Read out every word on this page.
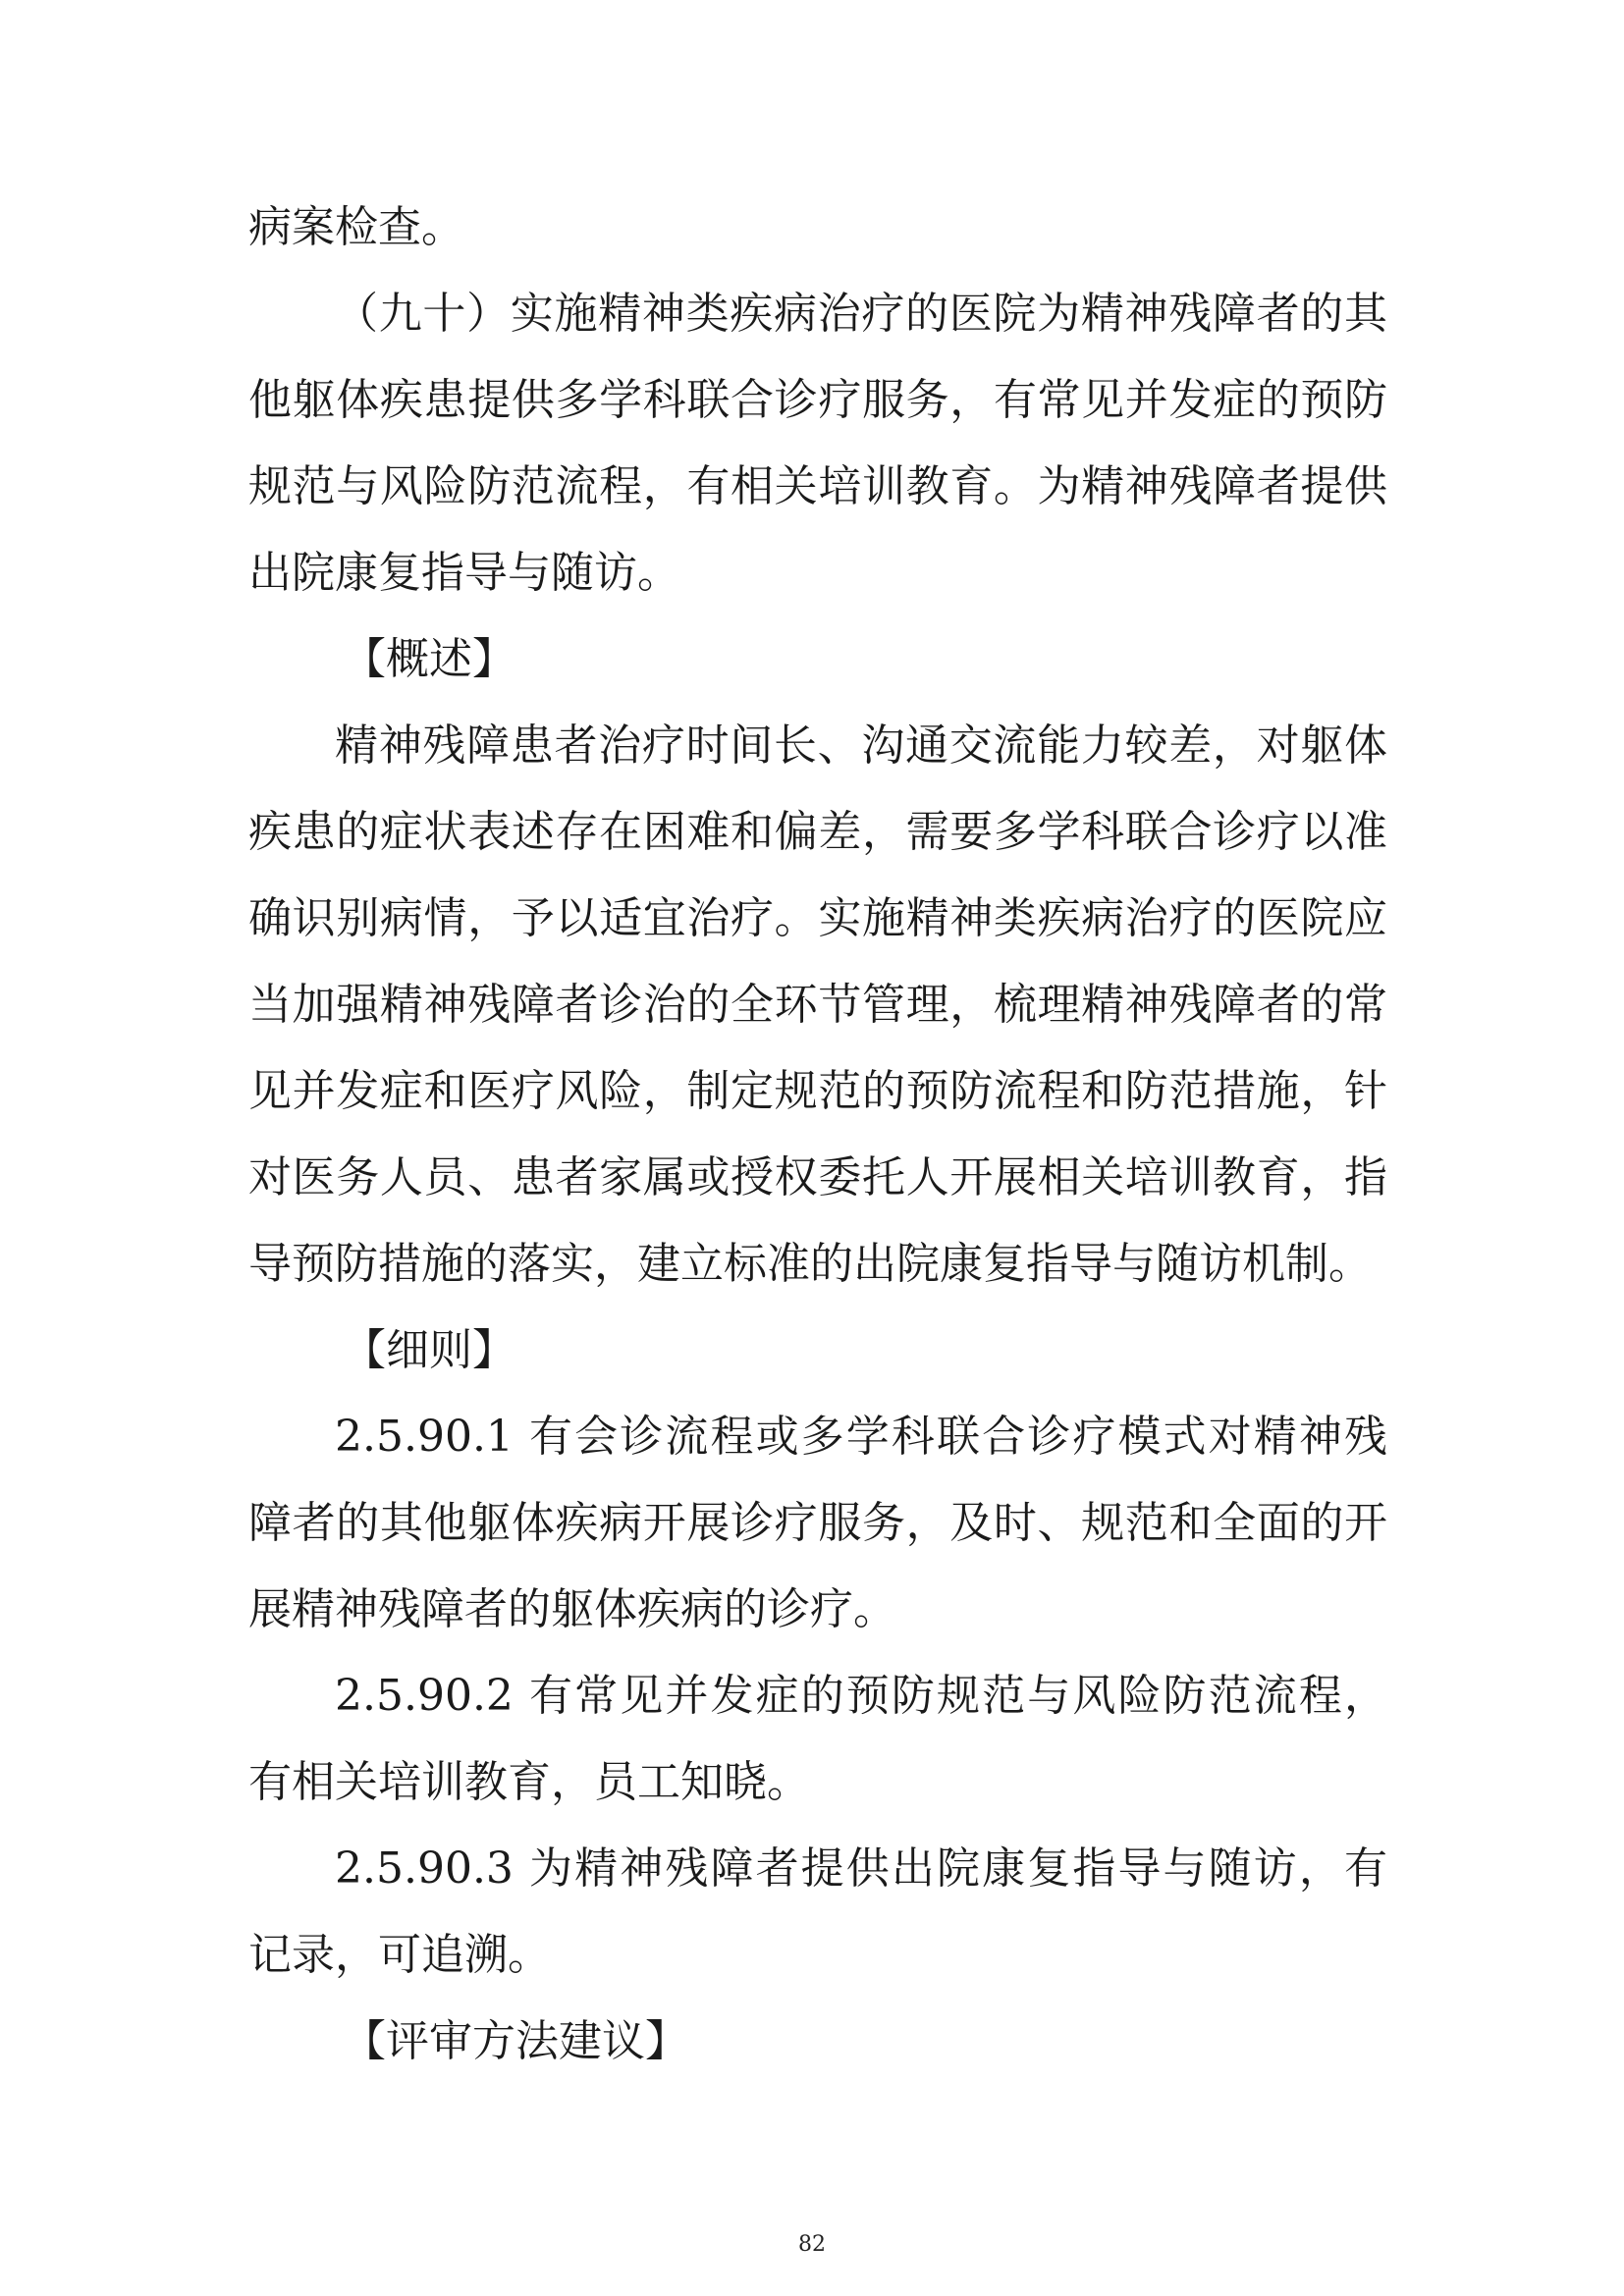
病案检查。

（九十）实施精神类疾病治疗的医院为精神残障者的其他躯体疾患提供多学科联合诊疗服务，有常见并发症的预防规范与风险防范流程，有相关培训教育。为精神残障者提供出院康复指导与随访。

【概述】

精神残障患者治疗时间长、沟通交流能力较差，对躯体疾患的症状表述存在困难和偏差，需要多学科联合诊疗以准确识别病情，予以适宜治疗。实施精神类疾病治疗的医院应当加强精神残障者诊治的全环节管理，梳理精神残障者的常见并发症和医疗风险，制定规范的预防流程和防范措施，针对医务人员、患者家属或授权委托人开展相关培训教育，指导预防措施的落实，建立标准的出院康复指导与随访机制。

【细则】

2.5.90.1 有会诊流程或多学科联合诊疗模式对精神残障者的其他躯体疾病开展诊疗服务，及时、规范和全面的开展精神残障者的躯体疾病的诊疗。

2.5.90.2 有常见并发症的预防规范与风险防范流程，有相关培训教育，员工知晓。

2.5.90.3 为精神残障者提供出院康复指导与随访，有记录，可追溯。

【评审方法建议】

82
